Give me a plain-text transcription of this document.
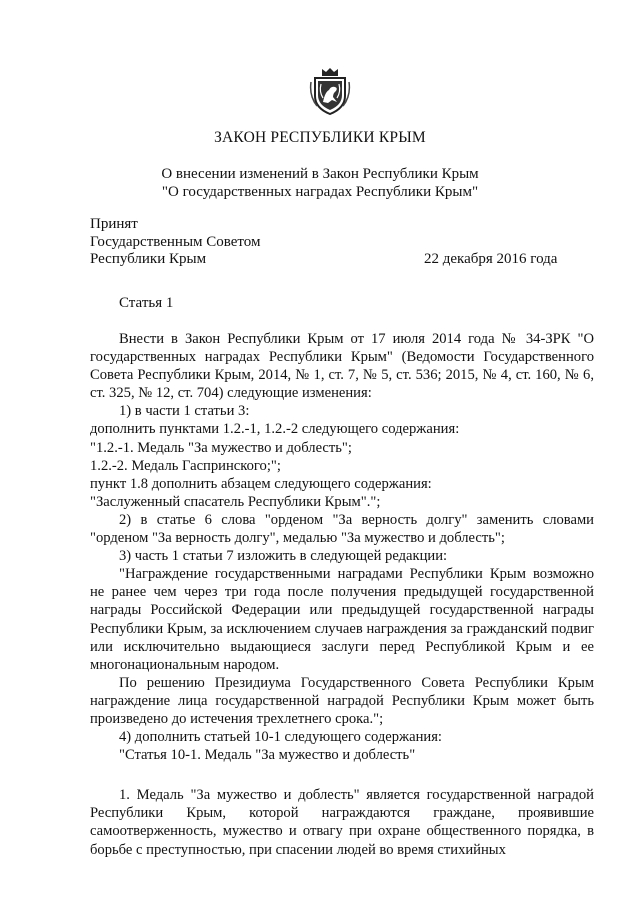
ЗАКОН РЕСПУБЛИКИ КРЫМ
О внесении изменений в Закон Республики Крым
"О государственных наградах Республики Крым"
Принят
Государственным Советом
Республики Крым	22 декабря 2016 года
Статья 1

Внести в Закон Республики Крым от 17 июля 2014 года № 34-ЗРК "О государственных наградах Республики Крым" (Ведомости Государственного Совета Республики Крым, 2014, № 1, ст. 7, № 5, ст. 536; 2015, № 4, ст. 160, № 6, ст. 325, № 12, ст. 704) следующие изменения:

1) в части 1 статьи 3:

дополнить пунктами 1.2.-1, 1.2.-2 следующего содержания:

"1.2.-1. Медаль "За мужество и доблесть";

1.2.-2. Медаль Гаспринского;";

пункт 1.8 дополнить абзацем следующего содержания:

"Заслуженный спасатель Республики Крым".";

2) в статье 6 слова "орденом "За верность долгу" заменить словами "орденом "За верность долгу", медалью "За мужество и доблесть";

3) часть 1 статьи 7 изложить в следующей редакции:

"Награждение государственными наградами Республики Крым возможно не ранее чем через три года после получения предыдущей государственной награды Российской Федерации или предыдущей государственной награды Республики Крым, за исключением случаев награждения за гражданский подвиг или исключительно выдающиеся заслуги перед Республикой Крым и ее многонациональным народом.

По решению Президиума Государственного Совета Республики Крым награждение лица государственной наградой Республики Крым может быть произведено до истечения трехлетнего срока.";

4) дополнить статьей 10-1 следующего содержания:

"Статья 10-1. Медаль "За мужество и доблесть"

1. Медаль "За мужество и доблесть" является государственной наградой Республики Крым, которой награждаются граждане, проявившие самоотверженность, мужество и отвагу при охране общественного порядка, в борьбе с преступностью, при спасении людей во время стихийных
